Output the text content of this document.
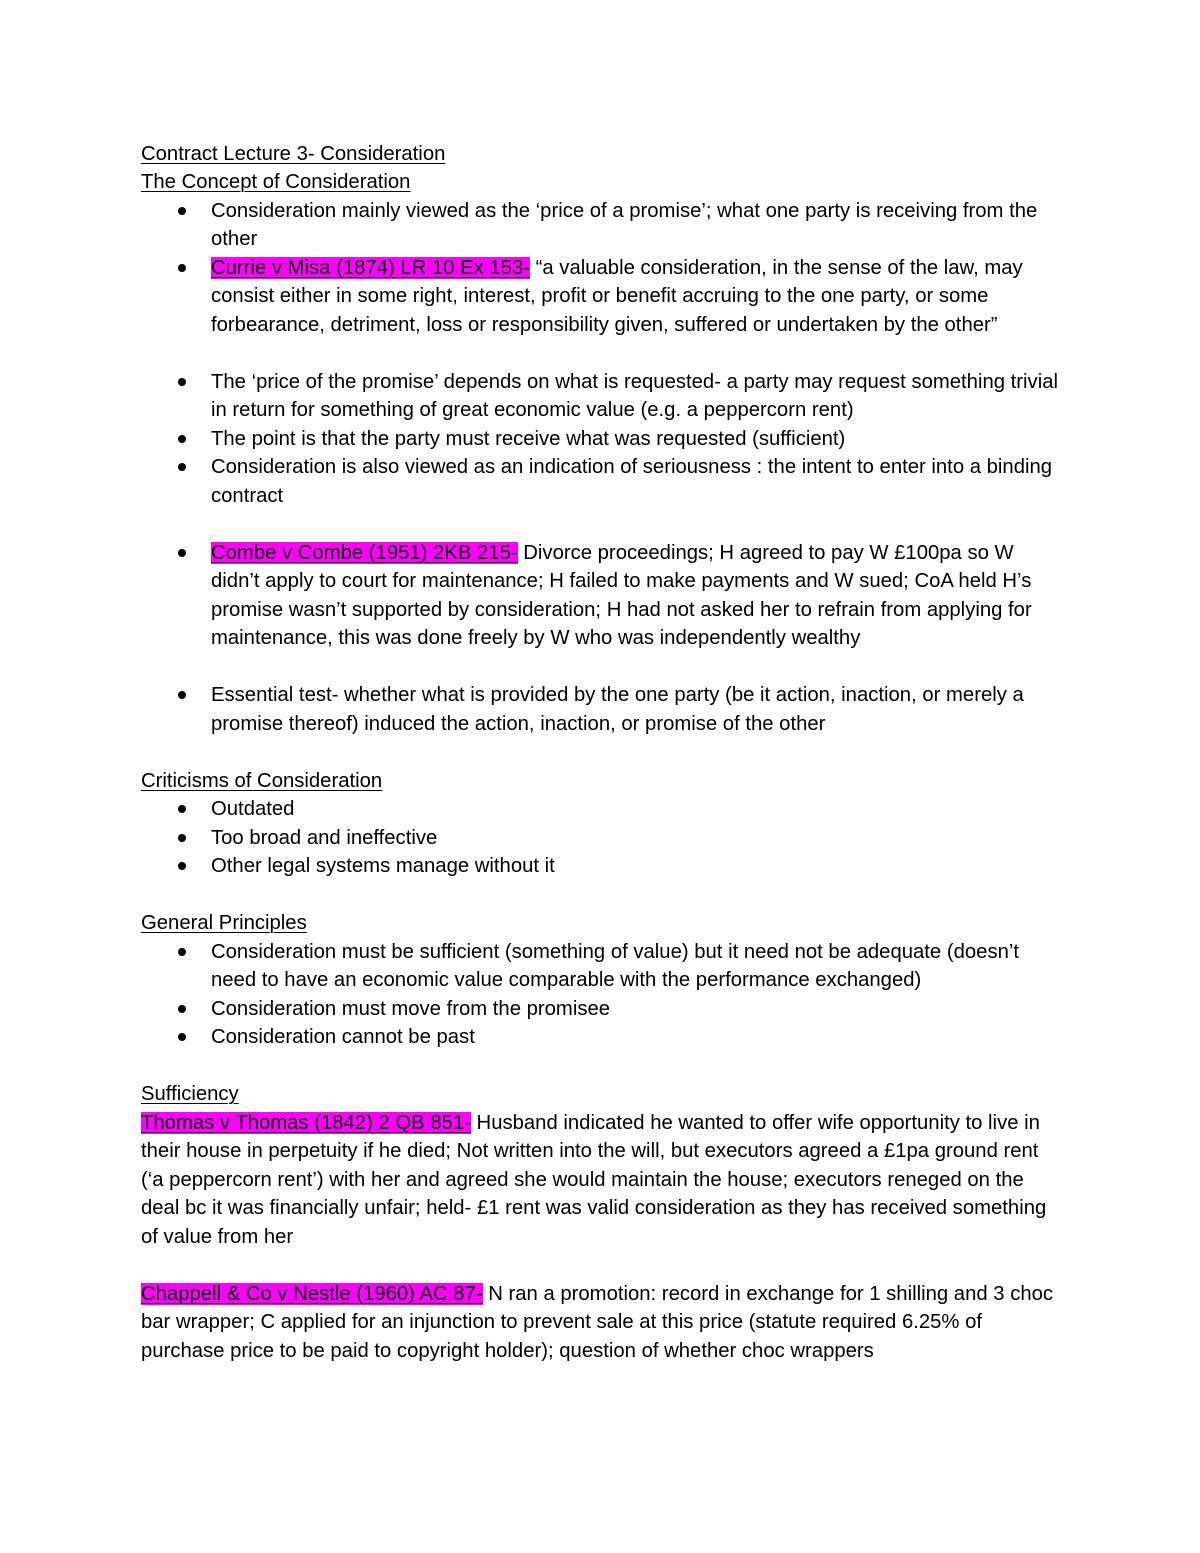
Contract Lecture 3- Consideration

The Concept of Consideration

Consideration mainly viewed as the ‘price of a promise’; what one party is receiving from the other
Currie v Misa (1874) LR 10 Ex 153- “a valuable consideration, in the sense of the law, may consist either in some right, interest, profit or benefit accruing to the one party, or some forbearance, detriment, loss or responsibility given, suffered or undertaken by the other”
The ‘price of the promise’ depends on what is requested- a party may request something trivial in return for something of great economic value (e.g. a peppercorn rent)
The point is that the party must receive what was requested (sufficient)
Consideration is also viewed as an indication of seriousness : the intent to enter into a binding contract
Combe v Combe (1951) 2KB 215- Divorce proceedings; H agreed to pay W £100pa so W didn’t apply to court for maintenance; H failed to make payments and W sued; CoA held H’s promise wasn’t supported by consideration; H had not asked her to refrain from applying for maintenance, this was done freely by W who was independently wealthy
Essential test- whether what is provided by the one party (be it action, inaction, or merely a promise thereof) induced the action, inaction, or promise of the other

Criticisms of Consideration

Outdated
Too broad and ineffective
Other legal systems manage without it

General Principles

Consideration must be sufficient (something of value) but it need not be adequate (doesn’t need to have an economic value comparable with the performance exchanged)
Consideration must move from the promisee
Consideration cannot be past

Sufficiency

Thomas v Thomas (1842) 2 QB 851- Husband indicated he wanted to offer wife opportunity to live in their house in perpetuity if he died; Not written into the will, but executors agreed a £1pa ground rent (‘a peppercorn rent’) with her and agreed she would maintain the house; executors reneged on the deal bc it was financially unfair; held- £1 rent was valid consideration as they has received something of value from her

Chappell & Co v Nestle (1960) AC 87- N ran a promotion: record in exchange for 1 shilling and 3 choc bar wrapper; C applied for an injunction to prevent sale at this price (statute required 6.25% of purchase price to be paid to copyright holder); question of whether choc wrappers
